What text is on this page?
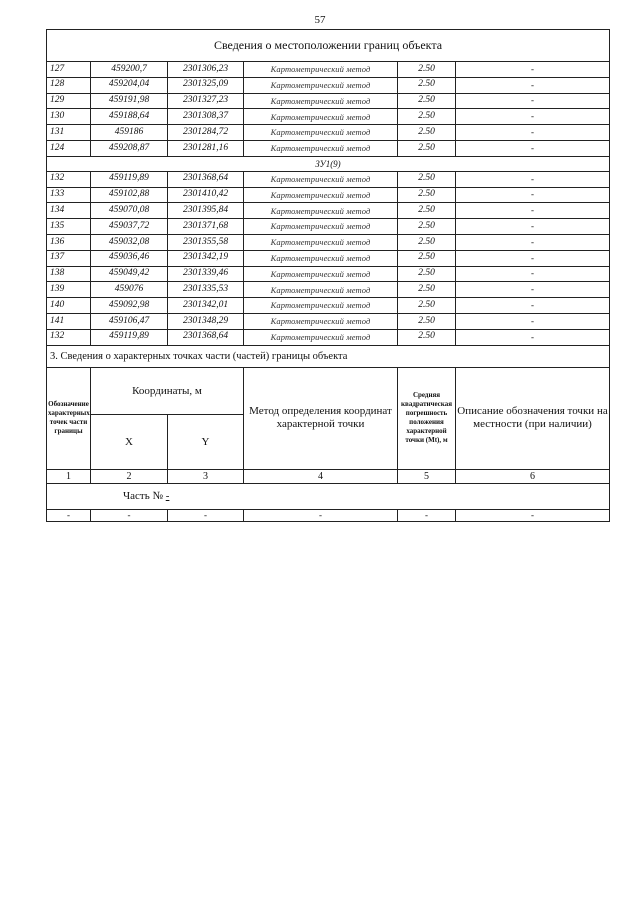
57
Сведения о местоположении границ объекта					
127	459200,7	2301306,23	Картометрический метод	2.50	-
128	459204,04	2301325,09	Картометрический метод	2.50	-
129	459191,98	2301327,23	Картометрический метод	2.50	-
130	459188,64	2301308,37	Картометрический метод	2.50	-
131	459186	2301284,72	Картометрический метод	2.50	-
124	459208,87	2301281,16	Картометрический метод	2.50	-
ЗУ1(9)					
132	459119,89	2301368,64	Картометрический метод	2.50	-
133	459102,88	2301410,42	Картометрический метод	2.50	-
134	459070,08	2301395,84	Картометрический метод	2.50	-
135	459037,72	2301371,68	Картометрический метод	2.50	-
136	459032,08	2301355,58	Картометрический метод	2.50	-
137	459036,46	2301342,19	Картометрический метод	2.50	-
138	459049,42	2301339,46	Картометрический метод	2.50	-
139	459076	2301335,53	Картометрический метод	2.50	-
140	459092,98	2301342,01	Картометрический метод	2.50	-
141	459106,47	2301348,29	Картометрический метод	2.50	-
132	459119,89	2301368,64	Картометрический метод	2.50	-
3. Сведения о характерных точках части (частей) границы объекта					
Обозначение характерных точек части границы	Координаты, м		Метод определения координат характерной точки	Средняя квадратическая погрешность положения характерной точки (Mt), м	Описание обозначения точки на местности (при наличии)
	X	Y			
1	2	3	4	5	6
Часть № -					
-	-	-	-	-	-
